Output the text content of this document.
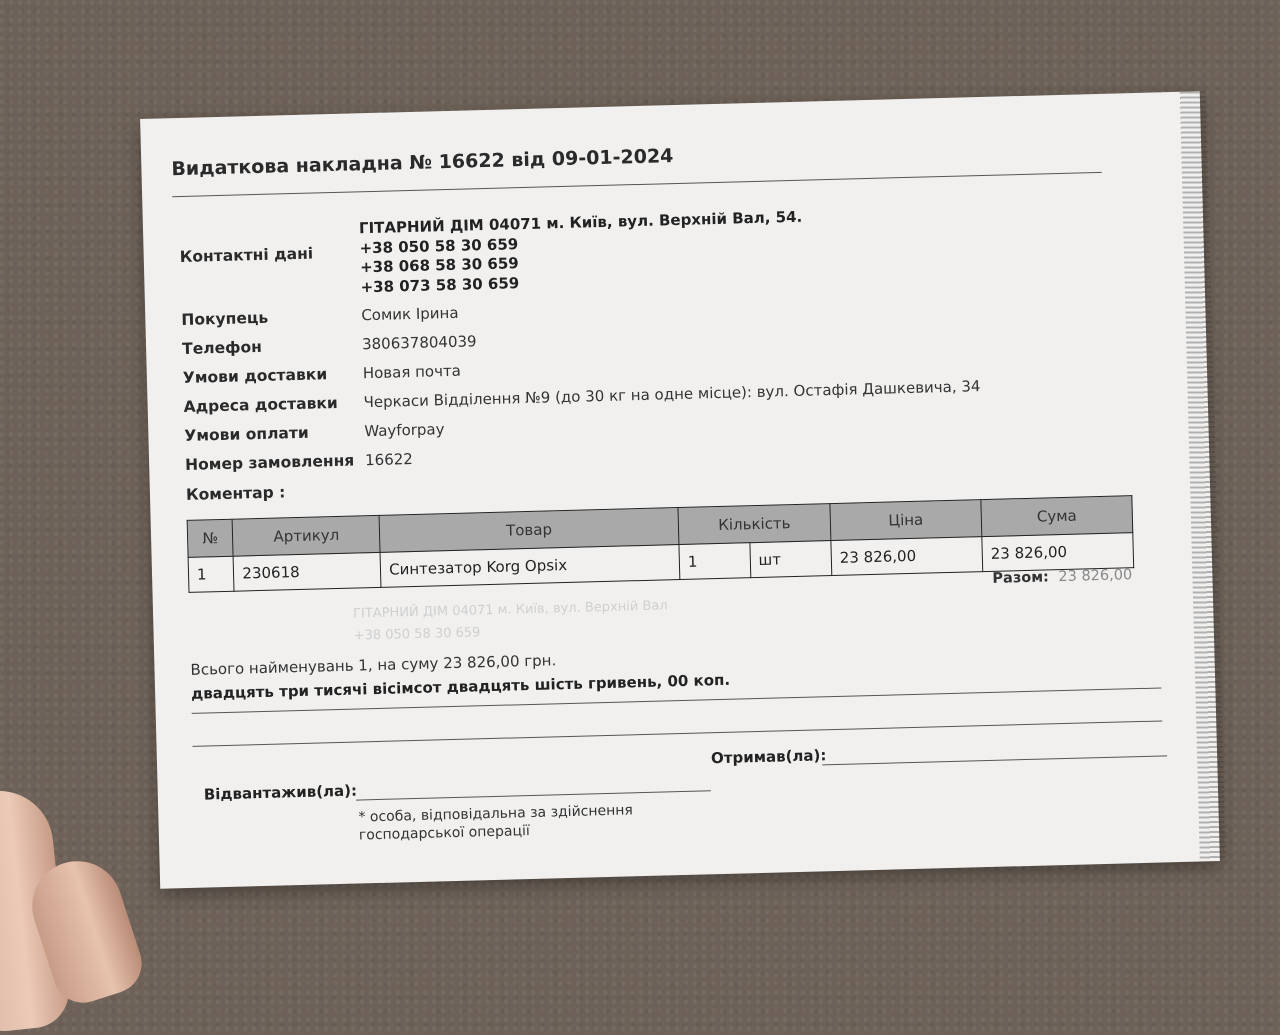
ГІТАРНИЙ ДІМ 04071 м. Київ, вул. Верхній Вал
+38 050 58 30 659
Видаткова накладна № 16622 від 09-01-2024
Контактні дані
ГІТАРНИЙ ДІМ 04071 м. Київ, вул. Верхній Вал, 54.
+38 050 58 30 659
+38 068 58 30 659
+38 073 58 30 659
Покупець	Сомик Ірина
Телефон	380637804039
Умови доставки Новая почта
Адреса доставки Черкаси Відділення №9 (до 30 кг на одне місце): вул. Остафія Дашкевича, 34
Умови оплати	Wayforpay
Номер замовлення 16622
Коментар :
№	Артикул	Товар	Кількість		Ціна	Сума
1	230618	Синтезатор Korg Opsix	1	шт	23 826,00	23 826,00
Разом: 23 826,00
Всього найменувань 1, на суму 23 826,00 грн.
двадцять три тисячі вісімсот двадцять шість гривень, 00 коп.
Відвантажив(ла):
Отримав(ла):
* особа, відповідальна за здійснення
господарської операції
